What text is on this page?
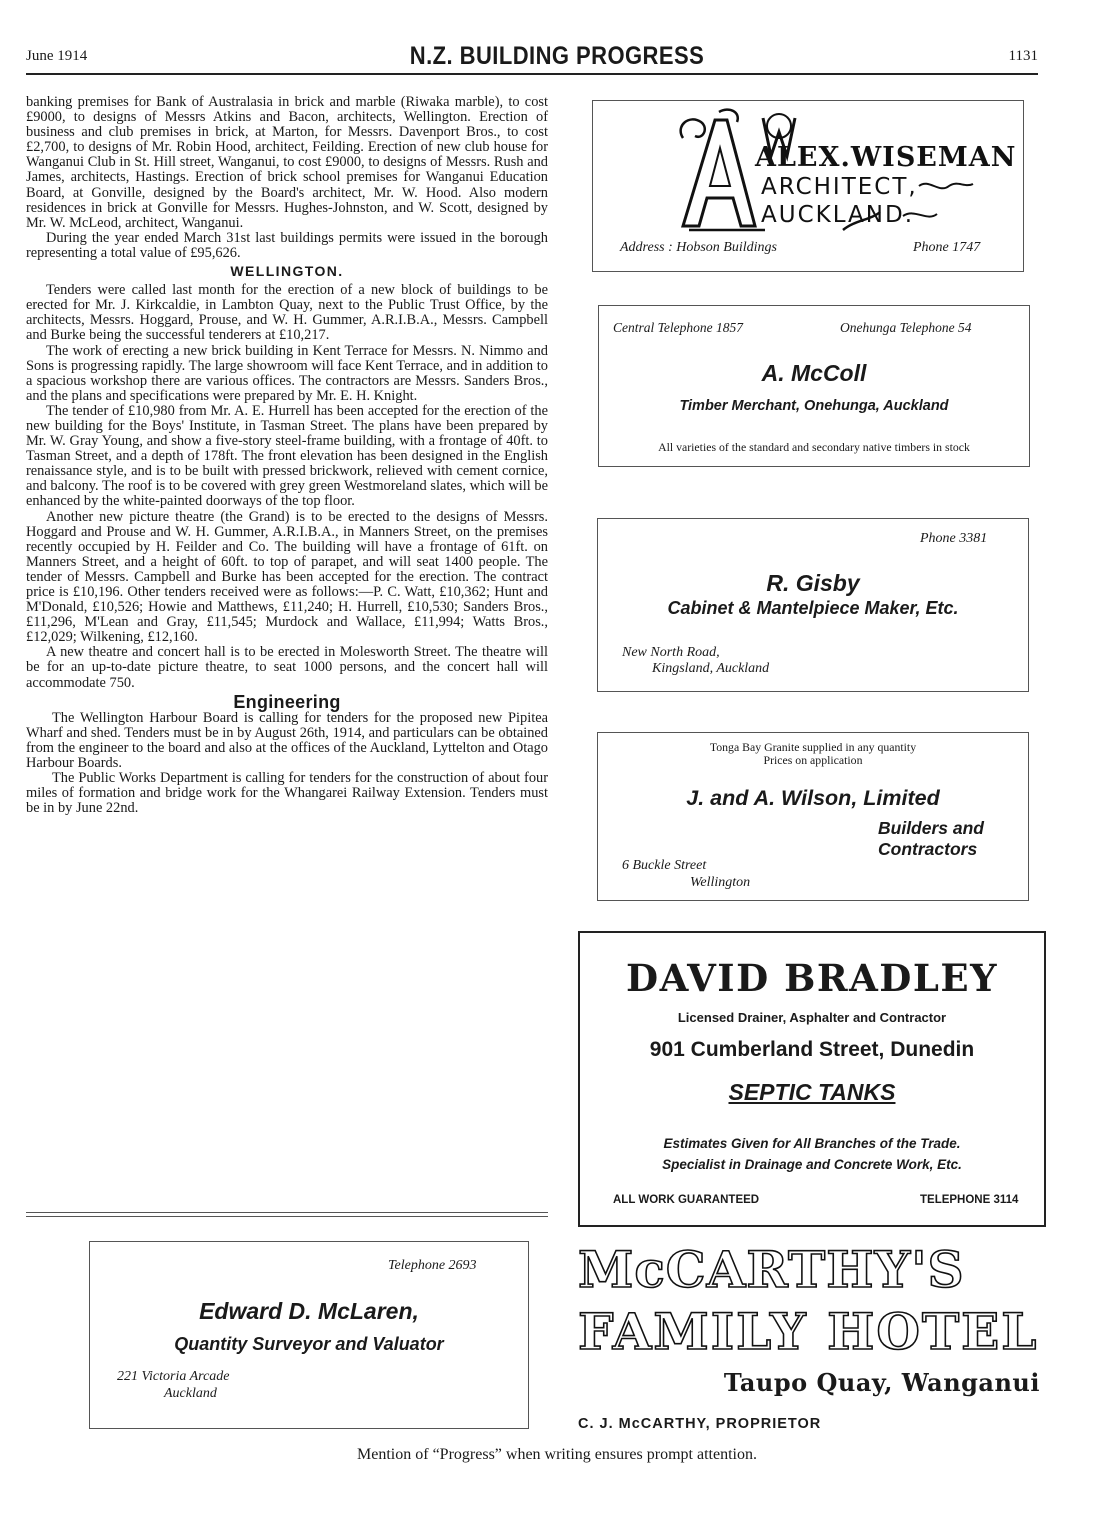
June 1914	N.Z. BUILDING PROGRESS	1131

banking premises for Bank of Australasia in brick and marble (Riwaka marble), to cost £9000, to designs of Messrs Atkins and Bacon, architects, Wellington. Erection of business and club premises in brick, at Marton, for Messrs. Davenport Bros., to cost £2,700, to designs of Mr. Robin Hood, architect, Feilding. Erection of new club house for Wanganui Club in St. Hill street, Wanganui, to cost £9000, to designs of Messrs. Rush and James, architects, Hastings. Erection of brick school premises for Wanganui Education Board, at Gonville, designed by the Board's architect, Mr. W. Hood. Also modern residences in brick at Gonville for Messrs. Hughes-Johnston, and W. Scott, designed by Mr. W. McLeod, architect, Wanganui.

During the year ended March 31st last buildings permits were issued in the borough representing a total value of £95,626.

WELLINGTON.

Tenders were called last month for the erection of a new block of buildings to be erected for Mr. J. Kirkcaldie, in Lambton Quay, next to the Public Trust Office, by the architects, Messrs. Hoggard, Prouse, and W. H. Gummer, A.R.I.B.A., Messrs. Campbell and Burke being the successful tenderers at £10,217.

The work of erecting a new brick building in Kent Terrace for Messrs. N. Nimmo and Sons is progressing rapidly. The large showroom will face Kent Terrace, and in addition to a spacious workshop there are various offices. The contractors are Messrs. Sanders Bros., and the plans and specifications were prepared by Mr. E. H. Knight.

The tender of £10,980 from Mr. A. E. Hurrell has been accepted for the erection of the new building for the Boys' Institute, in Tasman Street. The plans have been prepared by Mr. W. Gray Young, and show a five-story steel-frame building, with a frontage of 40ft. to Tasman Street, and a depth of 178ft. The front elevation has been designed in the English renaissance style, and is to be built with pressed brickwork, relieved with cement cornice, and balcony. The roof is to be covered with grey green Westmoreland slates, which will be enhanced by the white-painted doorways of the top floor.

Another new picture theatre (the Grand) is to be erected to the designs of Messrs. Hoggard and Prouse and W. H. Gummer, A.R.I.B.A., in Manners Street, on the premises recently occupied by H. Feilder and Co. The building will have a frontage of 61ft. on Manners Street, and a height of 60ft. to top of parapet, and will seat 1400 people. The tender of Messrs. Campbell and Burke has been accepted for the erection. The contract price is £10,196. Other tenders received were as follows:—P. C. Watt, £10,362; Hunt and M'Donald, £10,526; Howie and Matthews, £11,240; H. Hurrell, £10,530; Sanders Bros., £11,296, M'Lean and Gray, £11,545; Murdock and Wallace, £11,994; Watts Bros., £12,029; Wilkening, £12,160.

A new theatre and concert hall is to be erected in Molesworth Street. The theatre will be for an up-to-date picture theatre, to seat 1000 persons, and the concert hall will accommodate 750.

Engineering

The Wellington Harbour Board is calling for tenders for the proposed new Pipitea Wharf and shed. Tenders must be in by August 26th, 1914, and particulars can be obtained from the engineer to the board and also at the offices of the Auckland, Lyttelton and Otago Harbour Boards.

The Public Works Department is calling for tenders for the construction of about four miles of formation and bridge work for the Whangarei Railway Extension. Tenders must be in by June 22nd.

ALEX.WISEMAN
ARCHITECT,
AUCKLAND.
Address : Hobson Buildings	Phone 1747
Central Telephone 1857	Onehunga Telephone 54
A. McColl
Timber Merchant, Onehunga, Auckland
All varieties of the standard and secondary native timbers in stock
Phone 3381
R. Gisby
Cabinet & Mantelpiece Maker, Etc.
New North Road,
Kingsland, Auckland
Tonga Bay Granite supplied in any quantity
Prices on application
J. and A. Wilson, Limited
Builders and
Contractors
6 Buckle Street
Wellington
DAVID BRADLEY
Licensed Drainer, Asphalter and Contractor
901 Cumberland Street, Dunedin
SEPTIC TANKS
Estimates Given for All Branches of the Trade.
Specialist in Drainage and Concrete Work, Etc.
ALL WORK GUARANTEED	TELEPHONE 3114
Telephone 2693
Edward D. McLaren,
Quantity Surveyor and Valuator
221 Victoria Arcade
Auckland
McCARTHY'S
FAMILY HOTEL
Taupo Quay, Wanganui
C. J. McCARTHY, PROPRIETOR
Mention of “Progress” when writing ensures prompt attention.
